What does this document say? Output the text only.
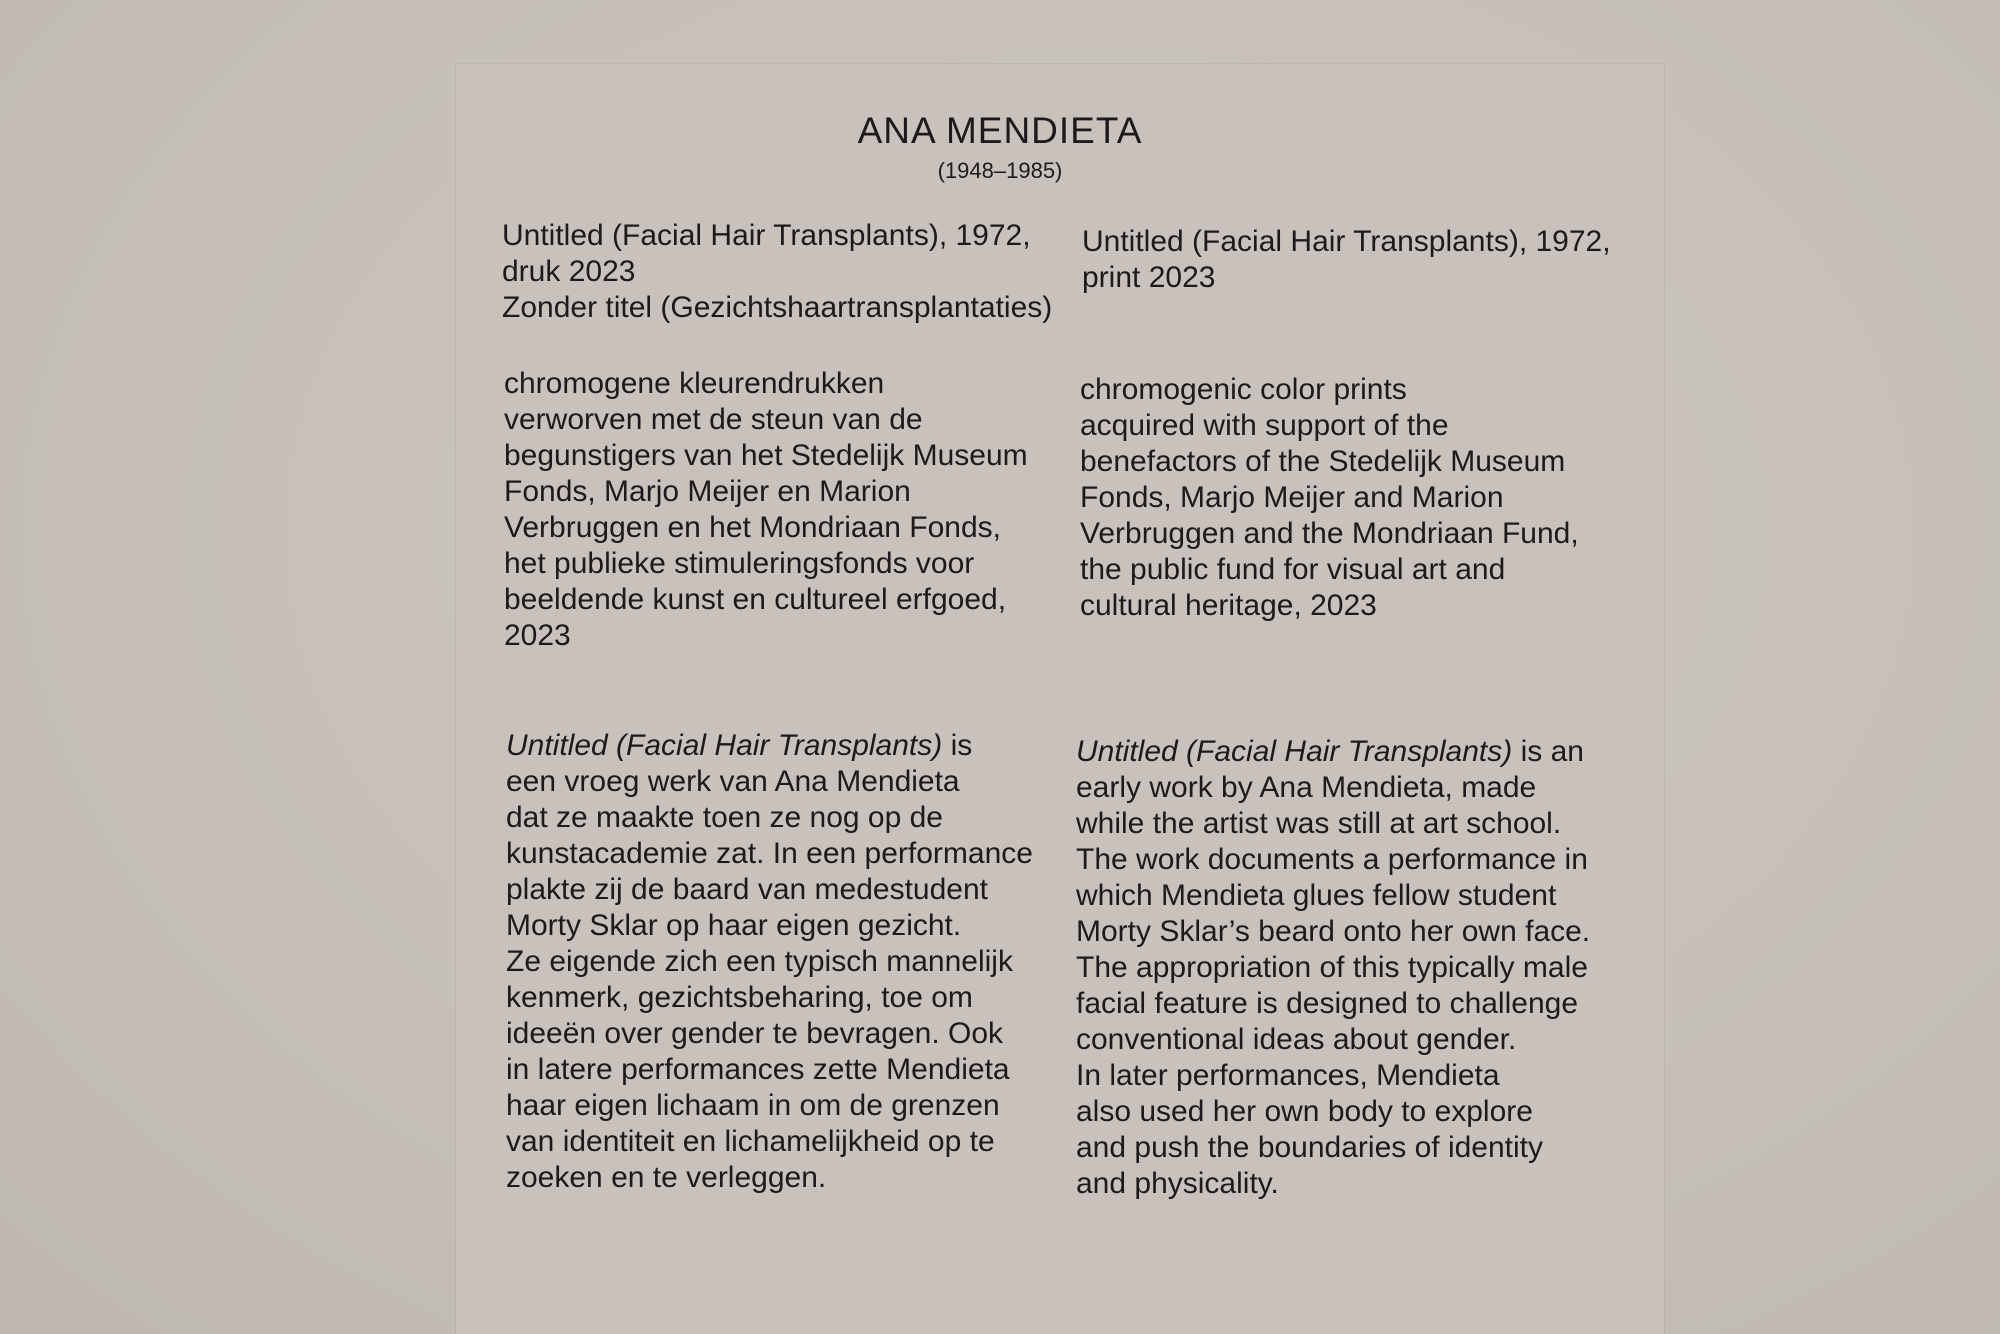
ANA MENDIETA
(1948–1985)
Untitled (Facial Hair Transplants), 1972,
druk 2023
Zonder titel (Gezichtshaartransplantaties)
chromogene kleurendrukken
verworven met de steun van de
begunstigers van het Stedelijk Museum
Fonds, Marjo Meijer en Marion
Verbruggen en het Mondriaan Fonds,
het publieke stimuleringsfonds voor
beeldende kunst en cultureel erfgoed,
2023
Untitled (Facial Hair Transplants) is
een vroeg werk van Ana Mendieta
dat ze maakte toen ze nog op de
kunstacademie zat. In een performance
plakte zij de baard van medestudent
Morty Sklar op haar eigen gezicht.
Ze eigende zich een typisch mannelijk
kenmerk, gezichtsbeharing, toe om
ideeën over gender te bevragen. Ook
in latere performances zette Mendieta
haar eigen lichaam in om de grenzen
van identiteit en lichamelijkheid op te
zoeken en te verleggen.
Untitled (Facial Hair Transplants), 1972,
print 2023
chromogenic color prints
acquired with support of the
benefactors of the Stedelijk Museum
Fonds, Marjo Meijer and Marion
Verbruggen and the Mondriaan Fund,
the public fund for visual art and
cultural heritage, 2023
Untitled (Facial Hair Transplants) is an
early work by Ana Mendieta, made
while the artist was still at art school.
The work documents a performance in
which Mendieta glues fellow student
Morty Sklar’s beard onto her own face.
The appropriation of this typically male
facial feature is designed to challenge
conventional ideas about gender.
In later performances, Mendieta
also used her own body to explore
and push the boundaries of identity
and physicality.
